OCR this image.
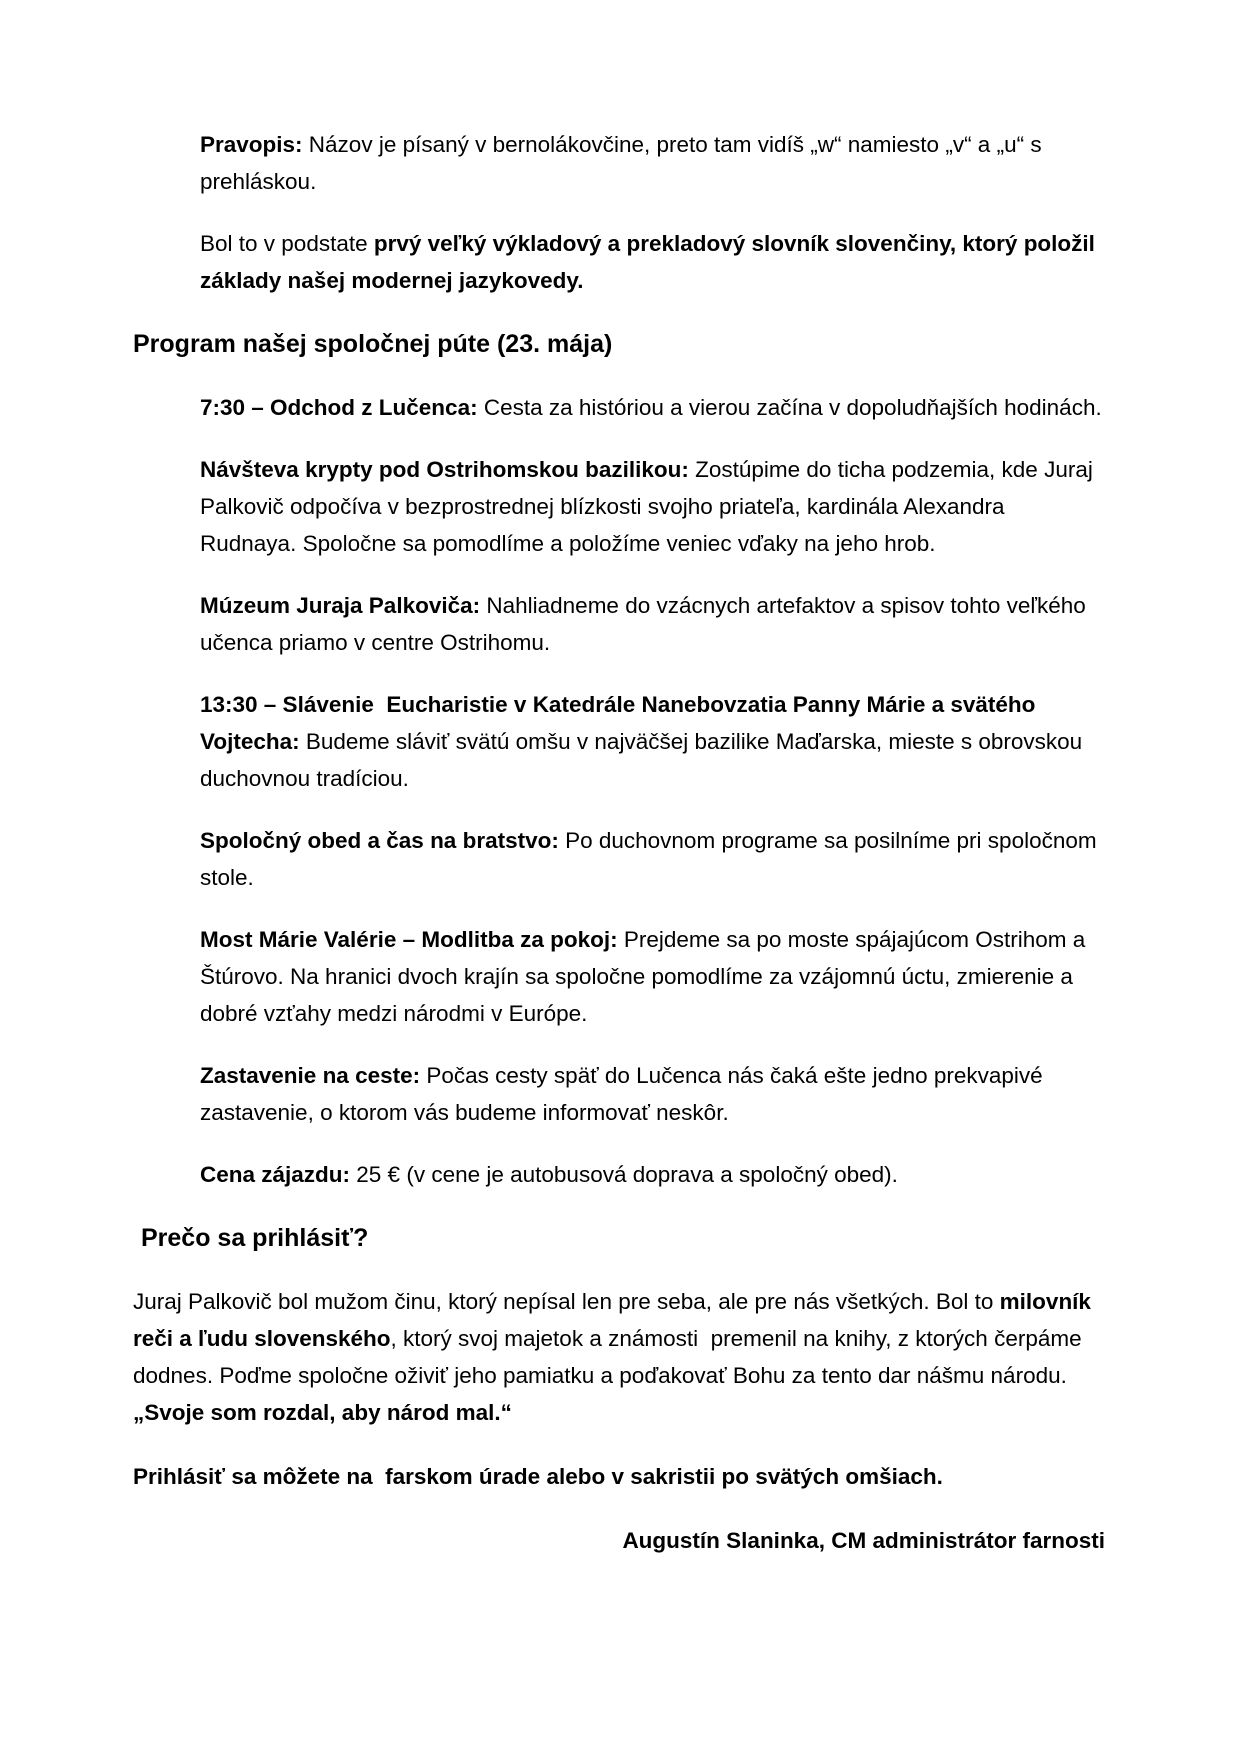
Pravopis: Názov je písaný v bernolákovčine, preto tam vidíš „w“ namiesto „v“ a „u“ s prehláskou.

Bol to v podstate prvý veľký výkladový a prekladový slovník slovenčiny, ktorý položil základy našej modernej jazykovedy.

Program našej spoločnej púte (23. mája)

7:30 – Odchod z Lučenca: Cesta za históriou a vierou začína v dopoludňajších hodinách.

Návšteva krypty pod Ostrihomskou bazilikou: Zostúpime do ticha podzemia, kde Juraj Palkovič odpočíva v bezprostrednej blízkosti svojho priateľa, kardinála Alexandra Rudnaya. Spoločne sa pomodlíme a položíme veniec vďaky na jeho hrob.

Múzeum Juraja Palkoviča: Nahliadneme do vzácnych artefaktov a spisov tohto veľkého učenca priamo v centre Ostrihomu.

13:30 – Slávenie  Eucharistie v Katedrále Nanebovzatia Panny Márie a svätého Vojtecha: Budeme sláviť svätú omšu v najväčšej bazilike Maďarska, mieste s obrovskou duchovnou tradíciou.

Spoločný obed a čas na bratstvo: Po duchovnom programe sa posilníme pri spoločnom stole.

Most Márie Valérie – Modlitba za pokoj: Prejdeme sa po moste spájajúcom Ostrihom a Štúrovo. Na hranici dvoch krajín sa spoločne pomodlíme za vzájomnú úctu, zmierenie a dobré vzťahy medzi národmi v Európe.

Zastavenie na ceste: Počas cesty späť do Lučenca nás čaká ešte jedno prekvapivé zastavenie, o ktorom vás budeme informovať neskôr.

Cena zájazdu: 25 € (v cene je autobusová doprava a spoločný obed).

Prečo sa prihlásiť?

Juraj Palkovič bol mužom činu, ktorý nepísal len pre seba, ale pre nás všetkých. Bol to milovník reči a ľudu slovenského, ktorý svoj majetok a známosti  premenil na knihy, z ktorých čerpáme dodnes. Poďme spoločne oživiť jeho pamiatku a poďakovať Bohu za tento dar nášmu národu. „Svoje som rozdal, aby národ mal.“

Prihlásiť sa môžete na  farskom úrade alebo v sakristii po svätých omšiach.

Augustín Slaninka, CM administrátor farnosti
